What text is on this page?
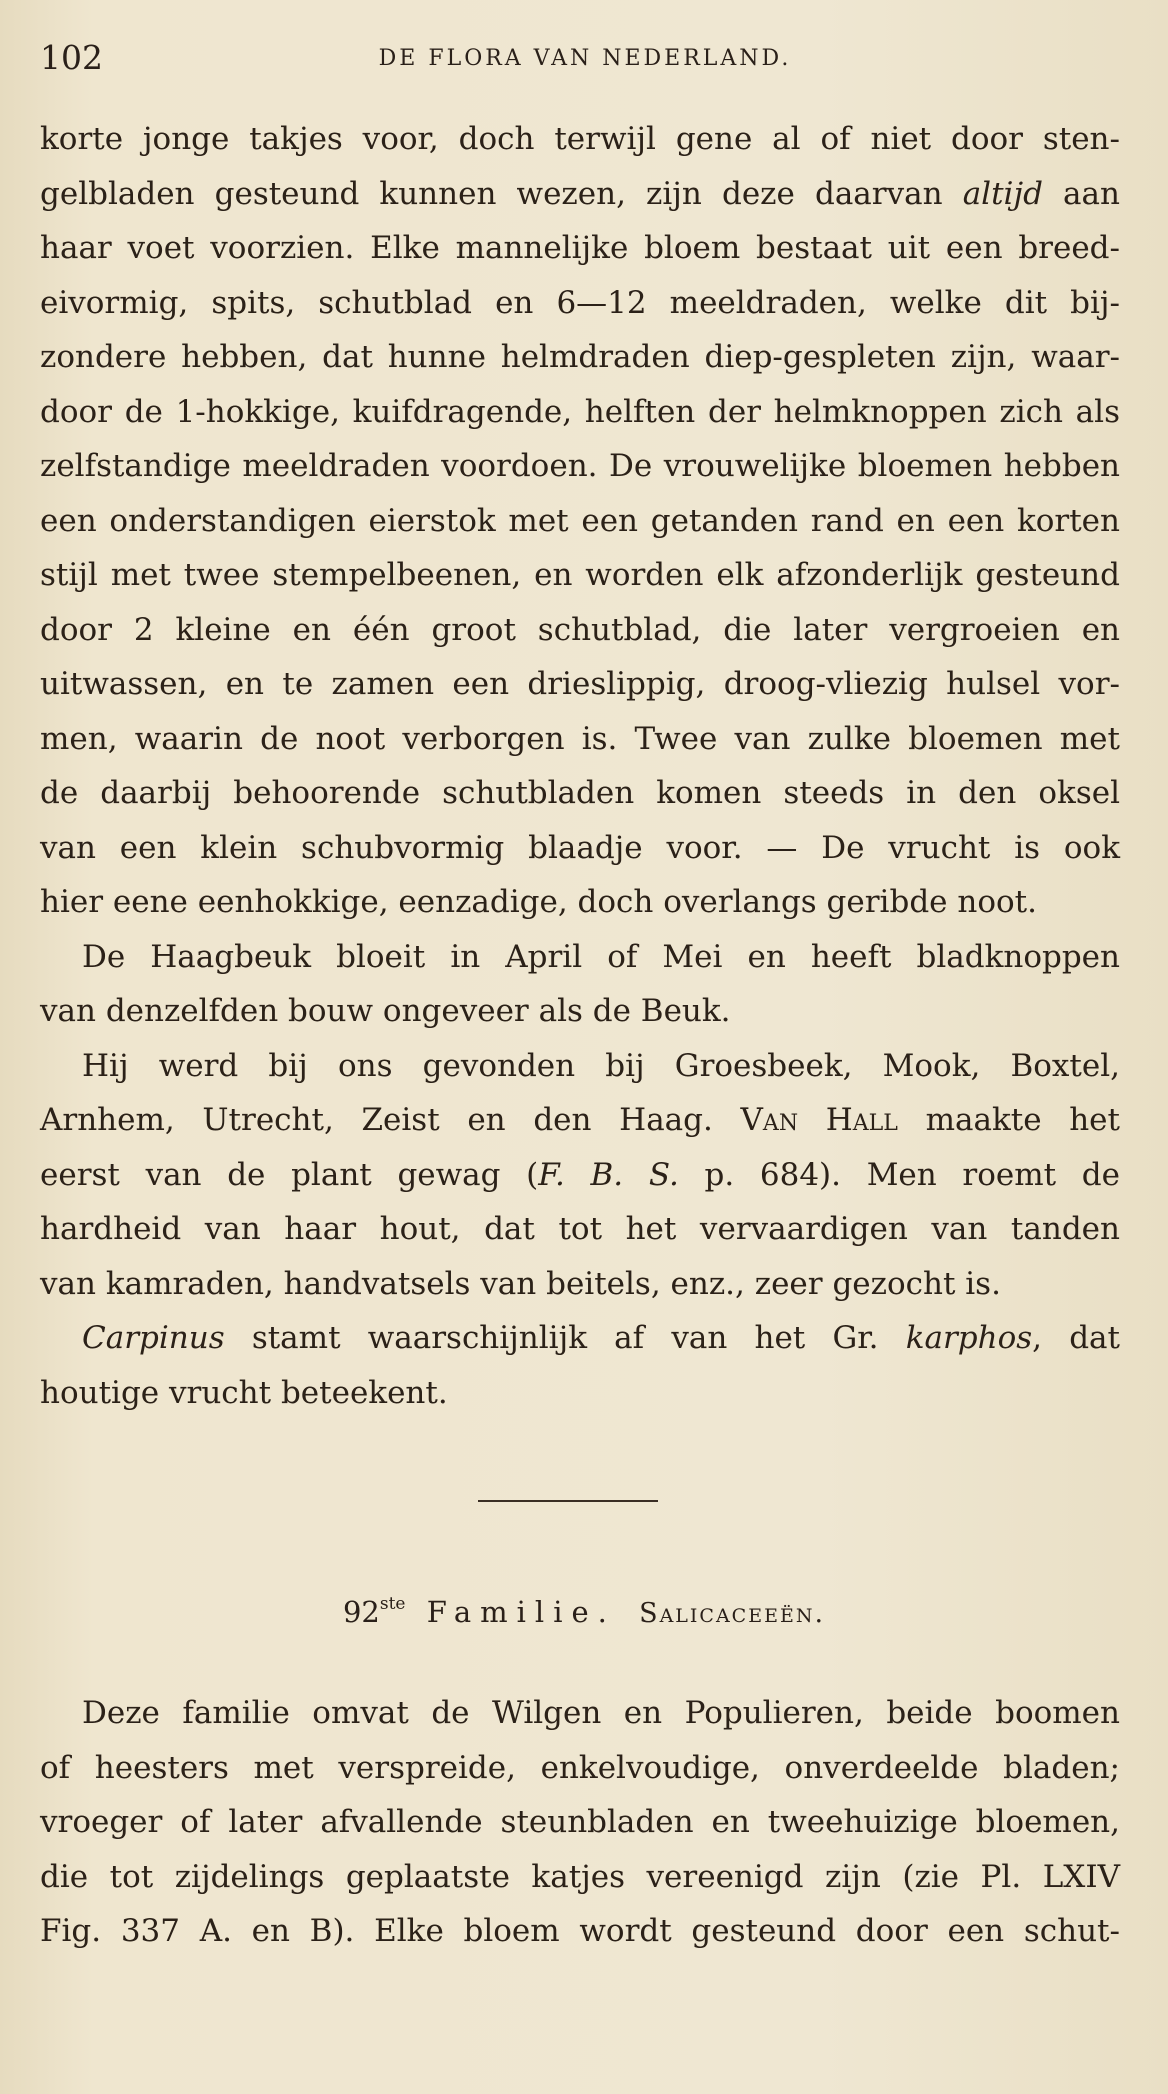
102	DE FLORA VAN NEDERLAND.
korte jonge takjes voor, doch terwijl gene al of niet door sten-
gelbladen gesteund kunnen wezen, zijn deze daarvan altijd aan
haar voet voorzien. Elke mannelijke bloem bestaat uit een breed-
eivormig, spits, schutblad en 6—12 meeldraden, welke dit bij-
zondere hebben, dat hunne helmdraden diep-gespleten zijn, waar-
door de 1-hokkige, kuifdragende, helften der helmknoppen zich als
zelfstandige meeldraden voordoen. De vrouwelijke bloemen hebben
een onderstandigen eierstok met een getanden rand en een korten
stijl met twee stempelbeenen, en worden elk afzonderlijk gesteund
door 2 kleine en één groot schutblad, die later vergroeien en
uitwassen, en te zamen een drieslippig, droog-vliezig hulsel vor-
men, waarin de noot verborgen is. Twee van zulke bloemen met
de daarbij behoorende schutbladen komen steeds in den oksel
van een klein schubvormig blaadje voor. — De vrucht is ook
hier eene eenhokkige, eenzadige, doch overlangs geribde noot.
De Haagbeuk bloeit in April of Mei en heeft bladknoppen
van denzelfden bouw ongeveer als de Beuk.
Hij werd bij ons gevonden bij Groesbeek, Mook, Boxtel,
Arnhem, Utrecht, Zeist en den Haag. Van Hall maakte het
eerst van de plant gewag (F. B. S. p. 684). Men roemt de
hardheid van haar hout, dat tot het vervaardigen van tanden
van kamraden, handvatsels van beitels, enz., zeer gezocht is.
Carpinus stamt waarschijnlijk af van het Gr. karphos, dat
houtige vrucht beteekent.
92ste Familie. Salicaceeën.
Deze familie omvat de Wilgen en Populieren, beide boomen
of heesters met verspreide, enkelvoudige, onverdeelde bladen;
vroeger of later afvallende steunbladen en tweehuizige bloemen,
die tot zijdelings geplaatste katjes vereenigd zijn (zie Pl. LXIV
Fig. 337 A. en B). Elke bloem wordt gesteund door een schut-
